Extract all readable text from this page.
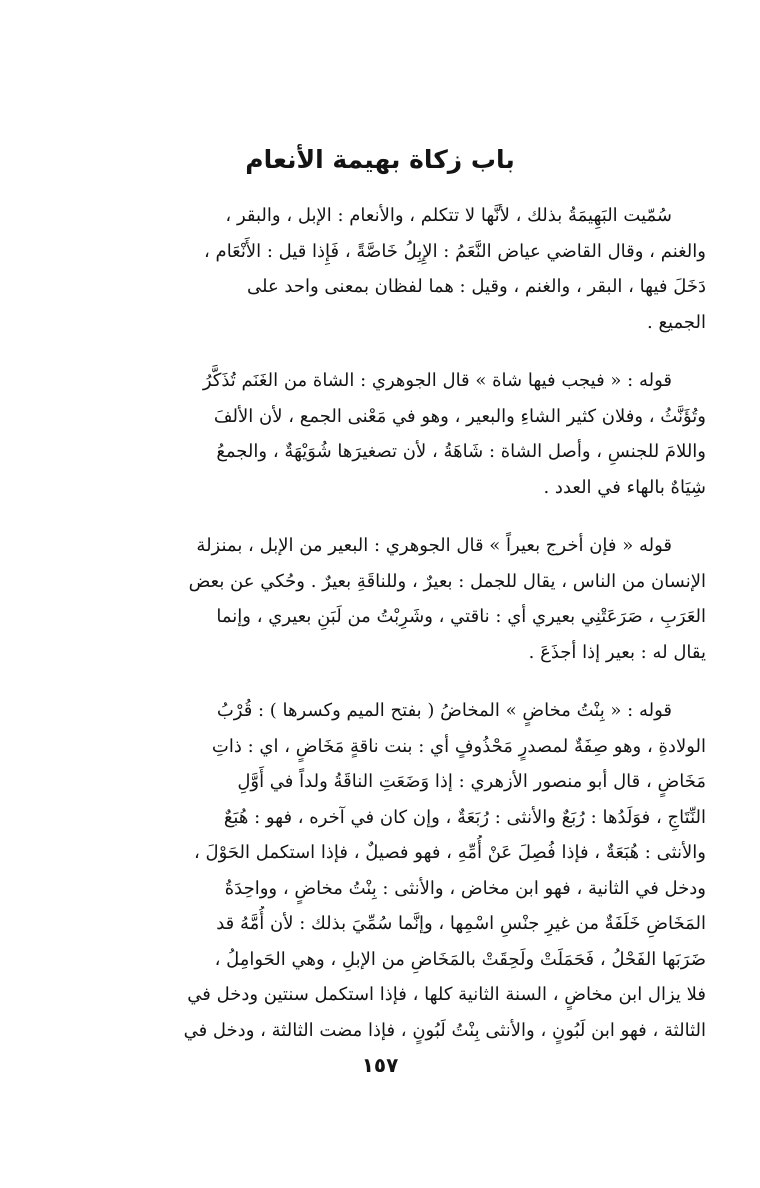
باب زكاة بهيمة الأنعام
سُمّيت البَهِيمَةُ بذلك ، لأنَّها لا تتكلم ، والأنعام : الإبل ، والبقر ،
والغنم ، وقال القاضي عياض النَّعَمُ : الإِبِلُ خَاصَّةً ، فَإِذا قيل : الأَنْعَام ،
دَخَلَ فيها ، البقر ، والغنم ، وقيل : هما لفظان بمعنى واحد على
الجميع .
قوله : « فيجب فيها شاة » قال الجوهري : الشاة من الغَنَم تُذَكَّرُ
وتُؤَنَّثُ ، وفلان كثير الشاءِ والبعير ، وهو في مَعْنى الجمع ، لأن الألفَ
واللامَ للجنسِ ، وأصل الشاة : شَاهَةُ ، لأن تصغيرَها شُوَيْهَةٌ ، والجمعُ
شِيَاهٌ بالهاء في العدد .
قوله « فإن أخرج بعيراً » قال الجوهري : البعير من الإبل ، بمنزلة
الإنسان من الناس ، يقال للجمل : بعيرٌ ، وللناقَةِ بعيرٌ . وحُكي عن بعض
العَرَبِ ، صَرَعَتْنِي بعيري أي : ناقتي ، وشَرِبْتُ من لَبَنِ بعيري ، وإنما
يقال له : بعير إذا أجذَعَ .
قوله : « بِنْتُ مخاضٍ » المخاضُ ( بفتح الميم وكسرها ) : قُرْبُ
الولادةِ ، وهو صِفَةٌ لمصدرٍ مَحْذُوفٍ أي : بنت ناقةٍ مَخَاضٍ ، اي : ذاتِ
مَخَاضٍ ، قال أبو منصور الأزهري : إذا وَضَعَتِ الناقَةُ ولداً في أَوَّلِ
النِّتَاجِ ، فوَلَدُها : رُبَعٌ والأنثى : رُبَعَةٌ ، وإن كان في آخره ، فهو : هُبَعٌ
والأنثى : هُبَعَةٌ ، فإذا فُصِلَ عَنْ أُمِّهِ ، فهو فصيلٌ ، فإذا استكمل الحَوْلَ ،
ودخل في الثانية ، فهو ابن مخاض ، والأنثى : بِنْتُ مخاضٍ ، وواحِدَةُ
المَخَاضِ خَلَفَةٌ من غيرِ جنْسِ اسْمِها ، وإنَّما سُمِّيَ بذلك : لأن أُمَّهُ قد
ضَرَبَها الفَحْلُ ، فَحَمَلَتْ ولَحِقَتْ بالمَخَاضِ من الإبلِ ، وهي الحَوامِلُ ،
فلا يزال ابن مخاضٍ ، السنة الثانية كلها ، فإذا استكمل سنتين ودخل في
الثالثة ، فهو ابن لَبُونٍ ، والأنثى بِنْتُ لَبُونٍ ، فإذا مضت الثالثة ، ودخل في
١٥٧
